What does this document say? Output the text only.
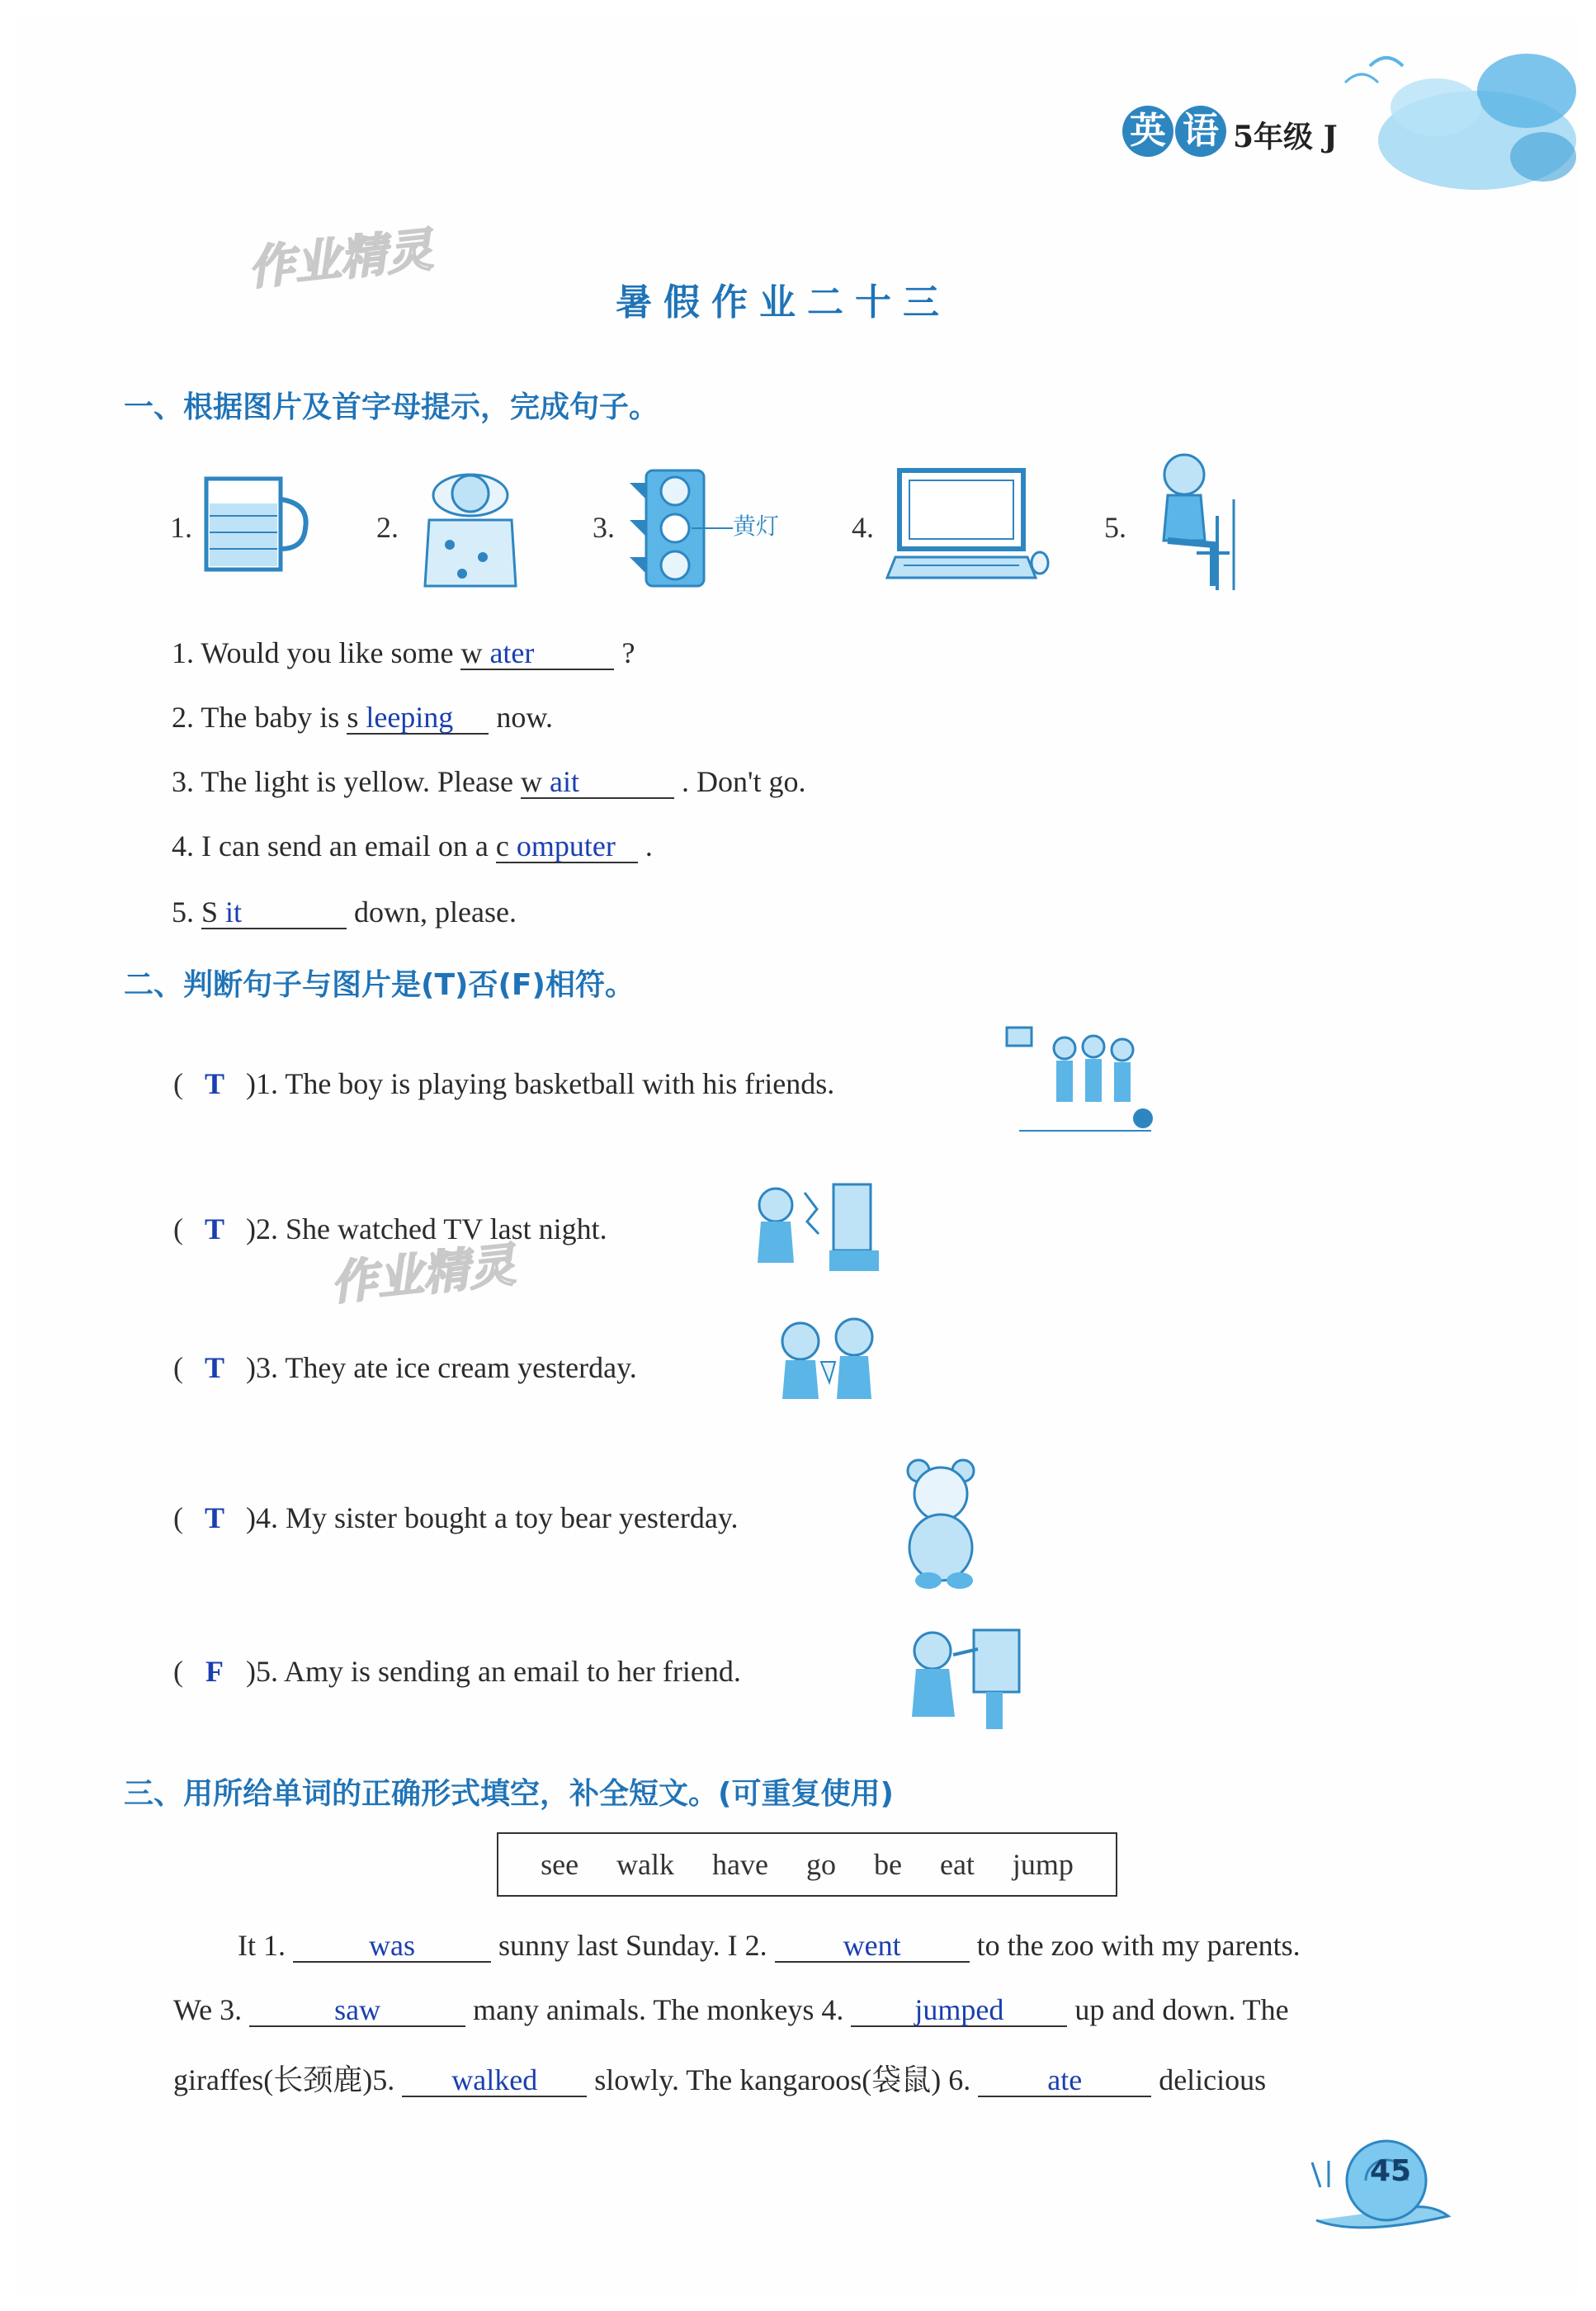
英 语 5年级 J
作业精灵
作业精灵
暑假作业二十三
一、根据图片及首字母提示，完成句子。
1.	2.	3.	黄灯 4.	5.
1. Would you like some w ater	?
2. The baby is s leeping now.
3. The light is yellow. Please w ait	. Don't go.
4. I can send an email on a c omputer .
5. S it	down, please.
二、判断句子与图片是(T)否(F)相符。
( T )1. The boy is playing basketball with his friends.
( T )2. She watched TV last night.
( T )3. They ate ice cream yesterday.
( T )4. My sister bought a toy bear yesterday.
( F )5. Amy is sending an email to her friend.
三、用所给单词的正确形式填空，补全短文。(可重复使用)
see  walk  have  go  be  eat  jump
It 1.	was	sunny last Sunday. I 2.	went	to the zoo with my parents.
We 3.	saw	many animals. The monkeys 4. jumped up and down. The
giraffes(长颈鹿)5. walked slowly. The kangaroos(袋鼠) 6.	ate	delicious
45
